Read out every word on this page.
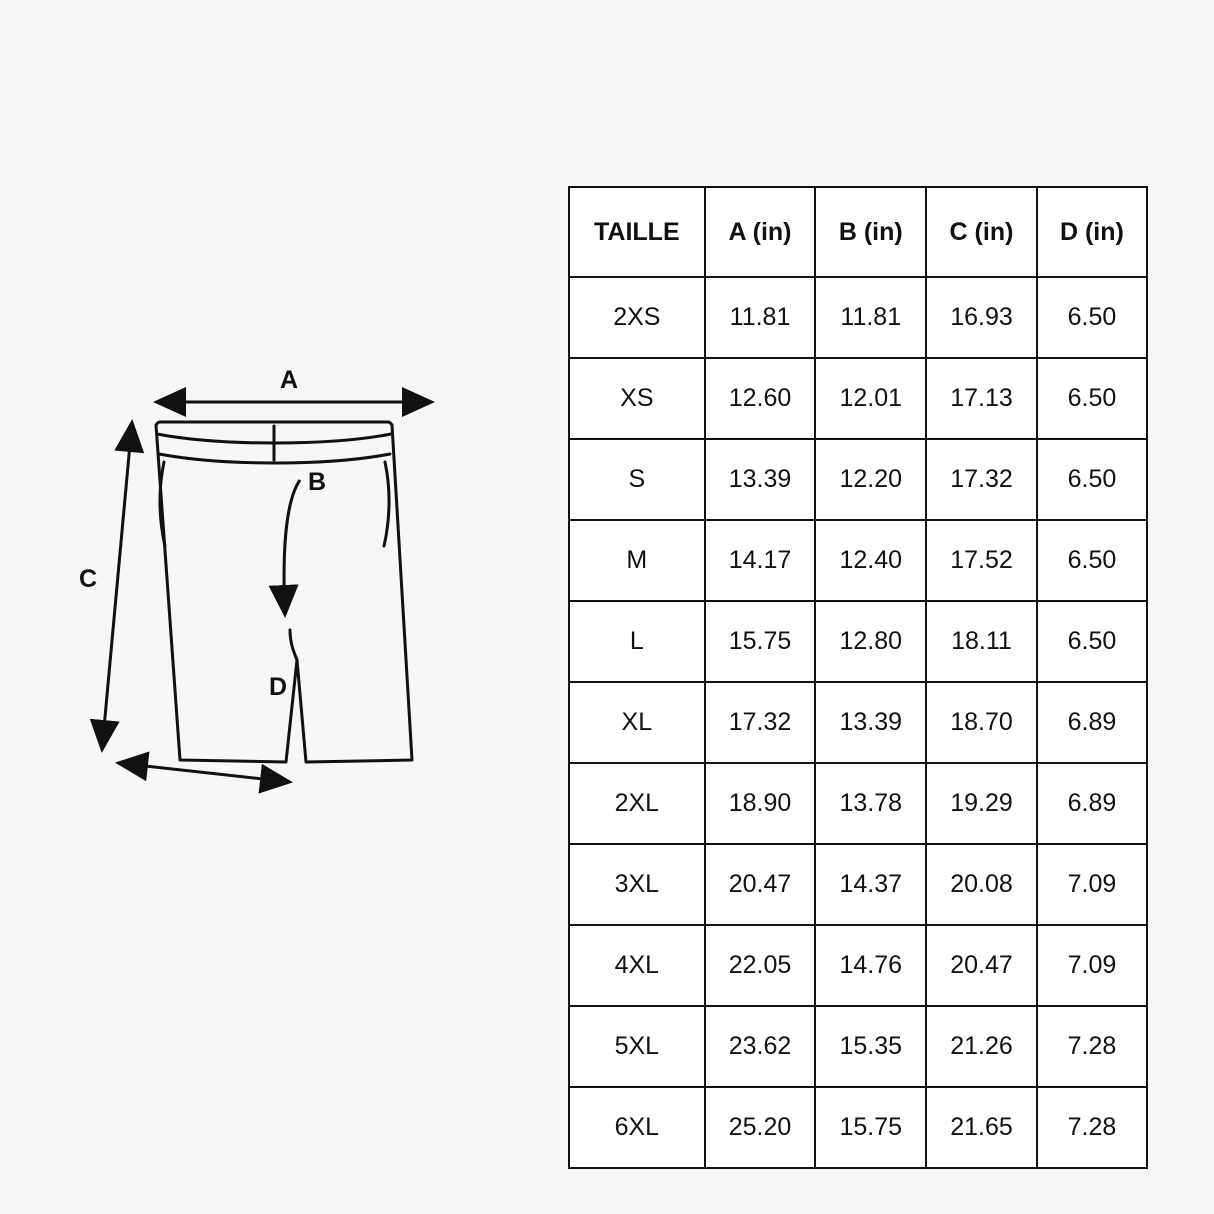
B
A
C
D
TAILLE	A (in)	B (in)	C (in)	D (in)
2XS	11.81	11.81	16.93	6.50
XS	12.60	12.01	17.13	6.50
S	13.39	12.20	17.32	6.50
M	14.17	12.40	17.52	6.50
L	15.75	12.80	18.11	6.50
XL	17.32	13.39	18.70	6.89
2XL	18.90	13.78	19.29	6.89
3XL	20.47	14.37	20.08	7.09
4XL	22.05	14.76	20.47	7.09
5XL	23.62	15.35	21.26	7.28
6XL	25.20	15.75	21.65	7.28
